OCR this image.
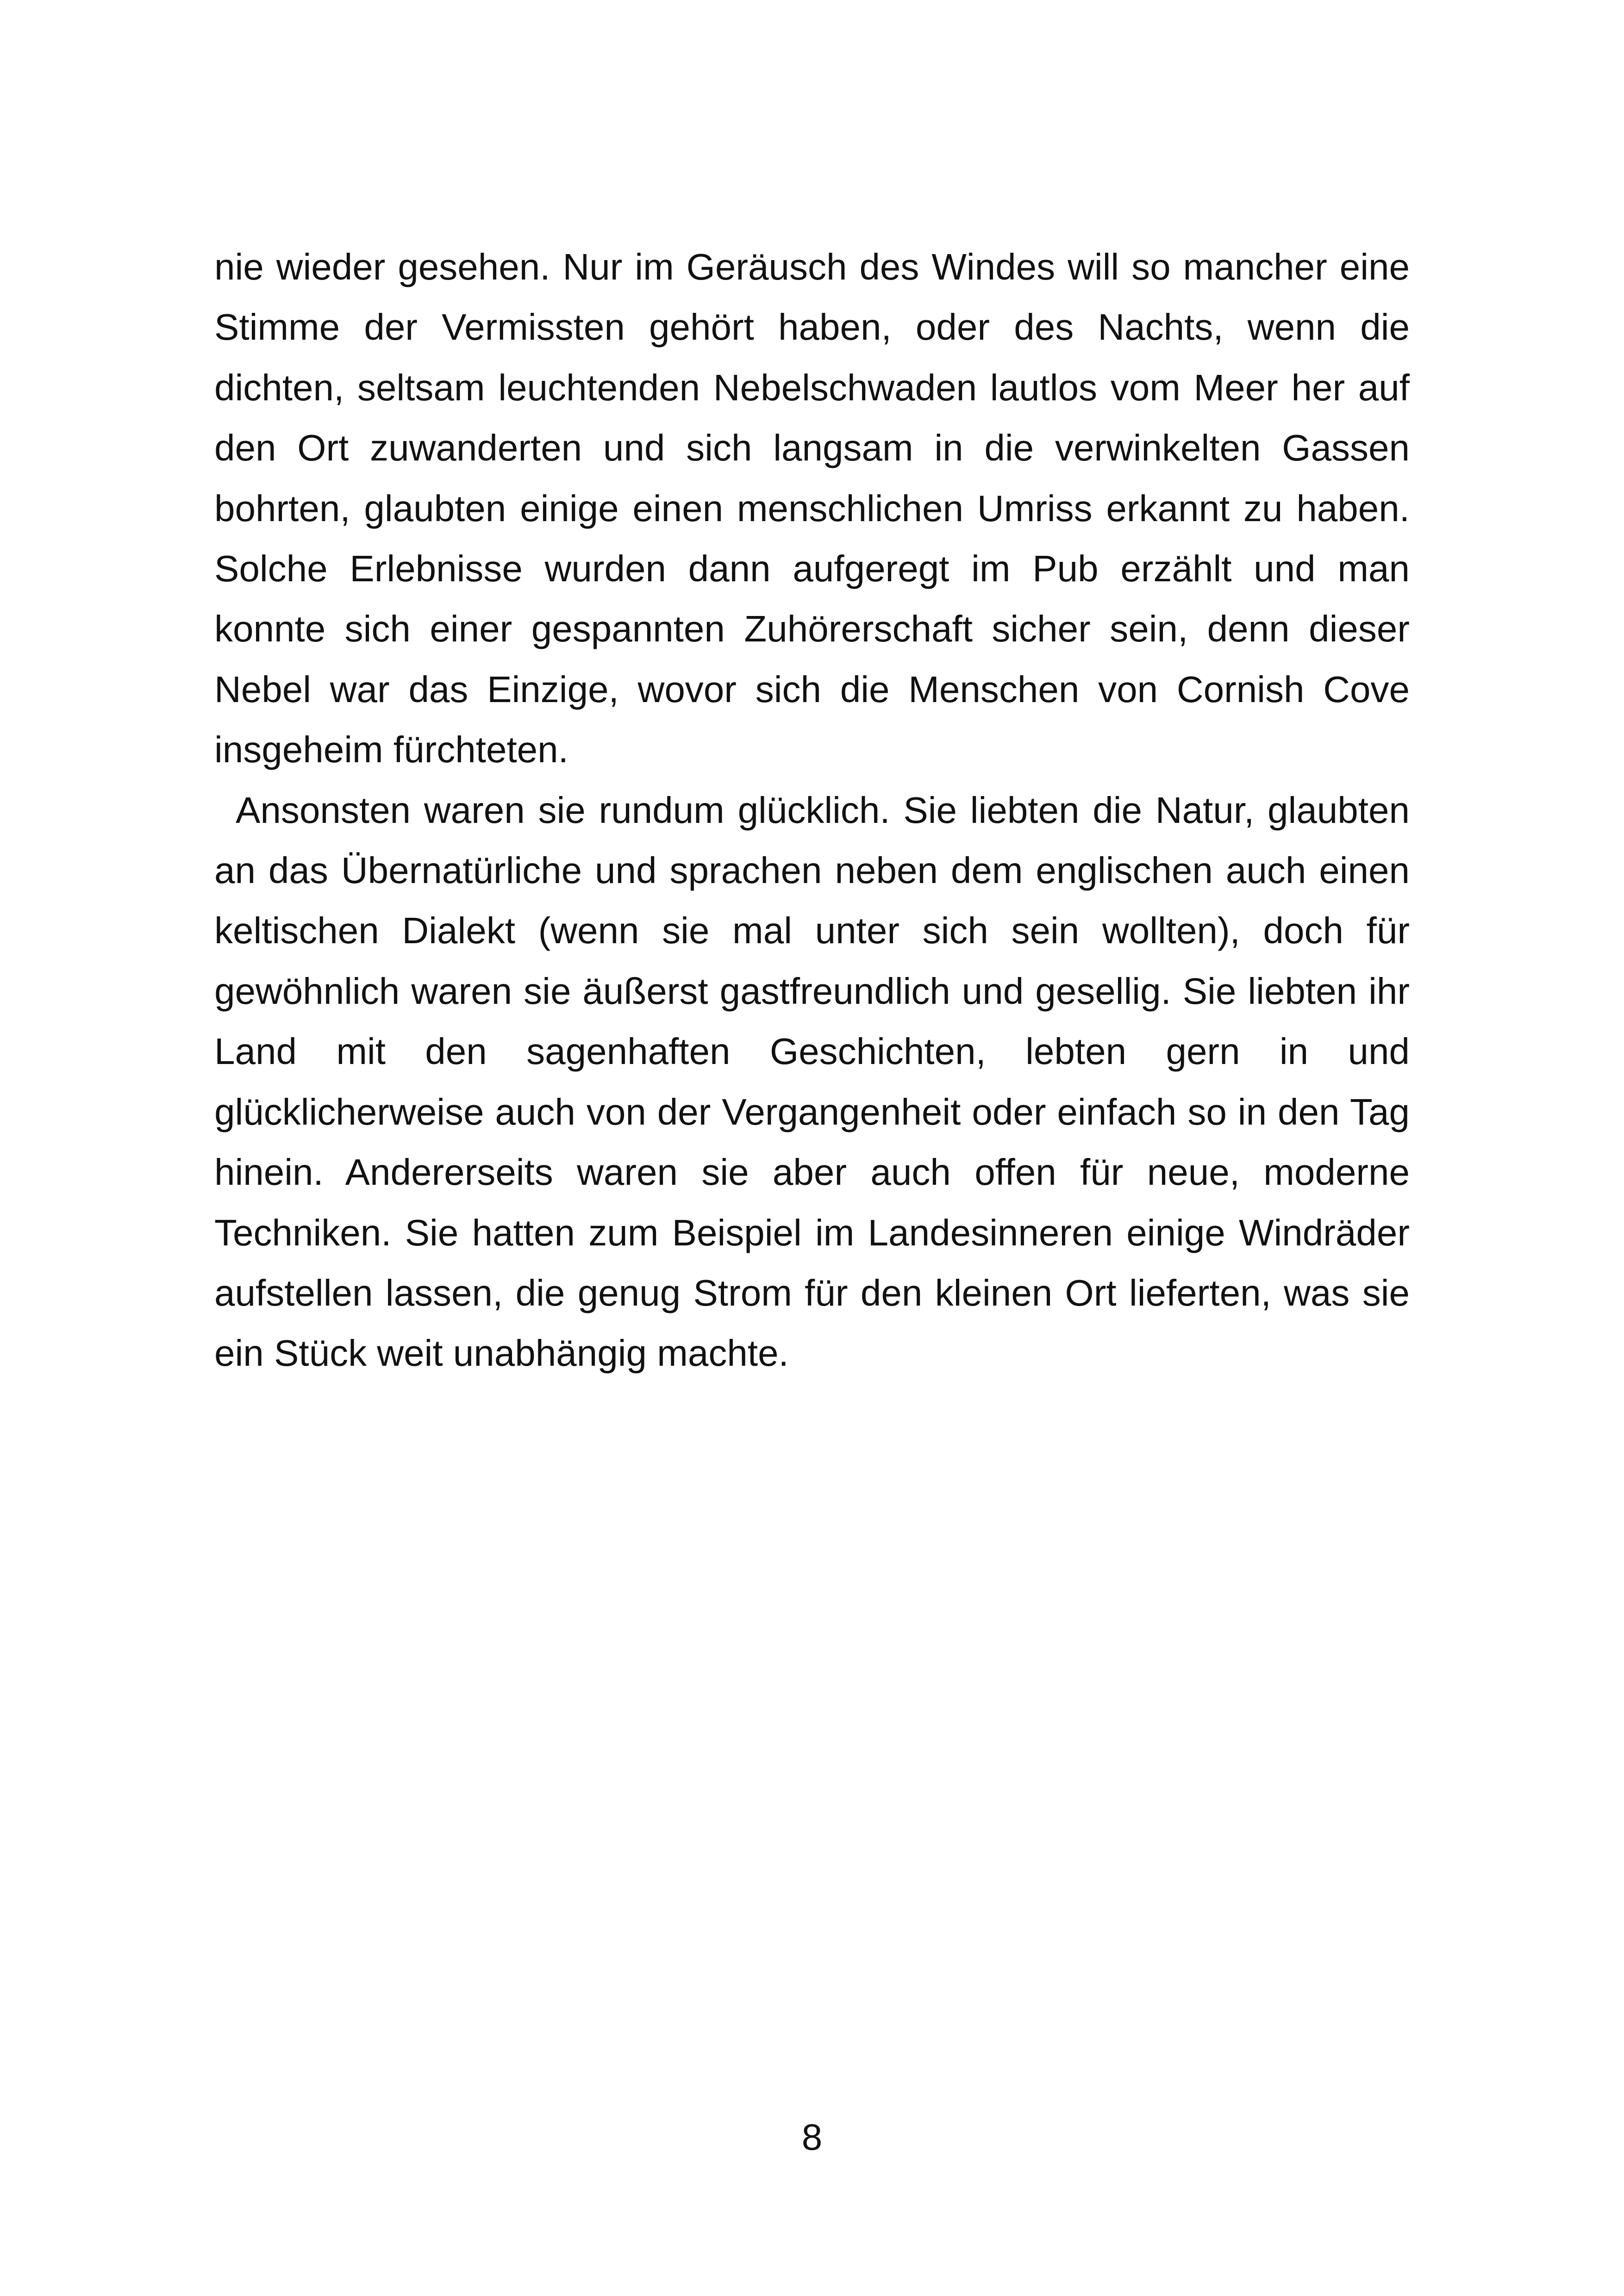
nie wieder gesehen. Nur im Geräusch des Windes will so mancher eine Stimme der Vermissten gehört haben, oder des Nachts, wenn die dichten, seltsam leuchtenden Nebelschwaden lautlos vom Meer her auf den Ort zuwanderten und sich langsam in die verwinkelten Gassen bohrten, glaubten einige einen menschlichen Umriss erkannt zu haben. Solche Erlebnisse wurden dann aufgeregt im Pub erzählt und man konnte sich einer gespannten Zuhörerschaft sicher sein, denn dieser Nebel war das Einzige, wovor sich die Menschen von Cornish Cove insgeheim fürchteten.

Ansonsten waren sie rundum glücklich. Sie liebten die Natur, glaubten an das Übernatürliche und sprachen neben dem englischen auch einen keltischen Dialekt (wenn sie mal unter sich sein wollten), doch für gewöhnlich waren sie äußerst gastfreundlich und gesellig. Sie liebten ihr Land mit den sagenhaften Geschichten, lebten gern in und glücklicherweise auch von der Vergangenheit oder einfach so in den Tag hinein. Andererseits waren sie aber auch offen für neue, moderne Techniken. Sie hatten zum Beispiel im Landesinneren einige Windräder aufstellen lassen, die genug Strom für den kleinen Ort lieferten, was sie ein Stück weit unabhängig machte.

8
